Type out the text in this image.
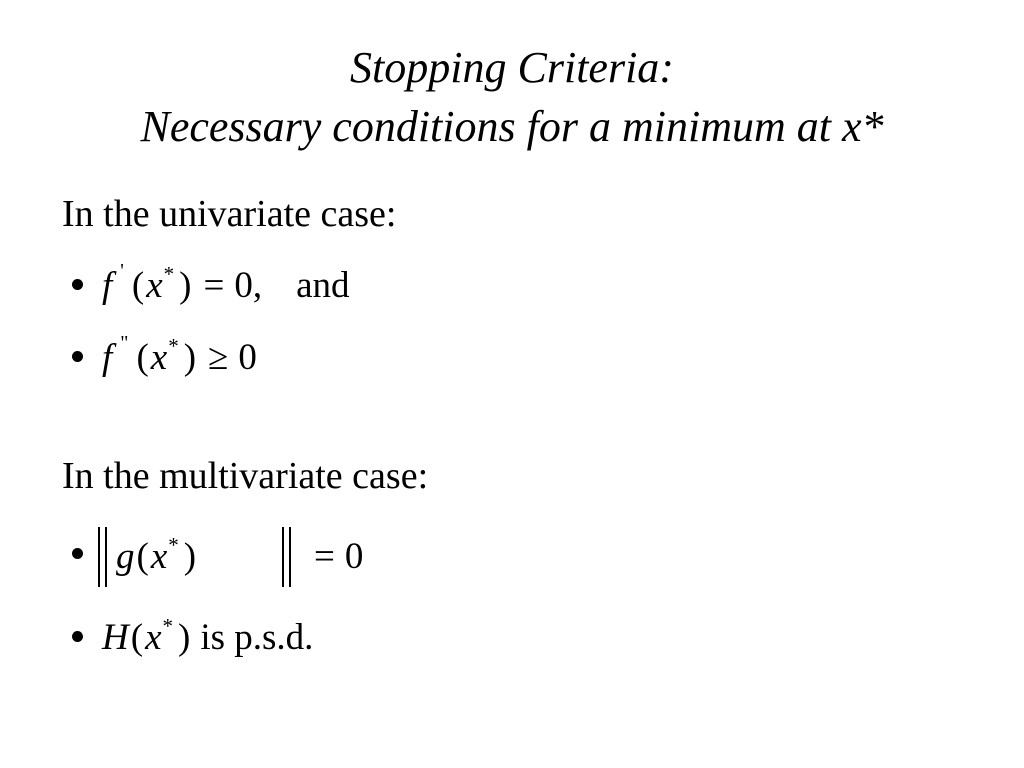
Stopping Criteria:
Necessary conditions for a minimum at x*
In the univariate case:
f ' (x* ) = 0, and
f " (x* ) ≥ 0
In the multivariate case:
g(x* )	= 0
H(x* ) is p.s.d.
